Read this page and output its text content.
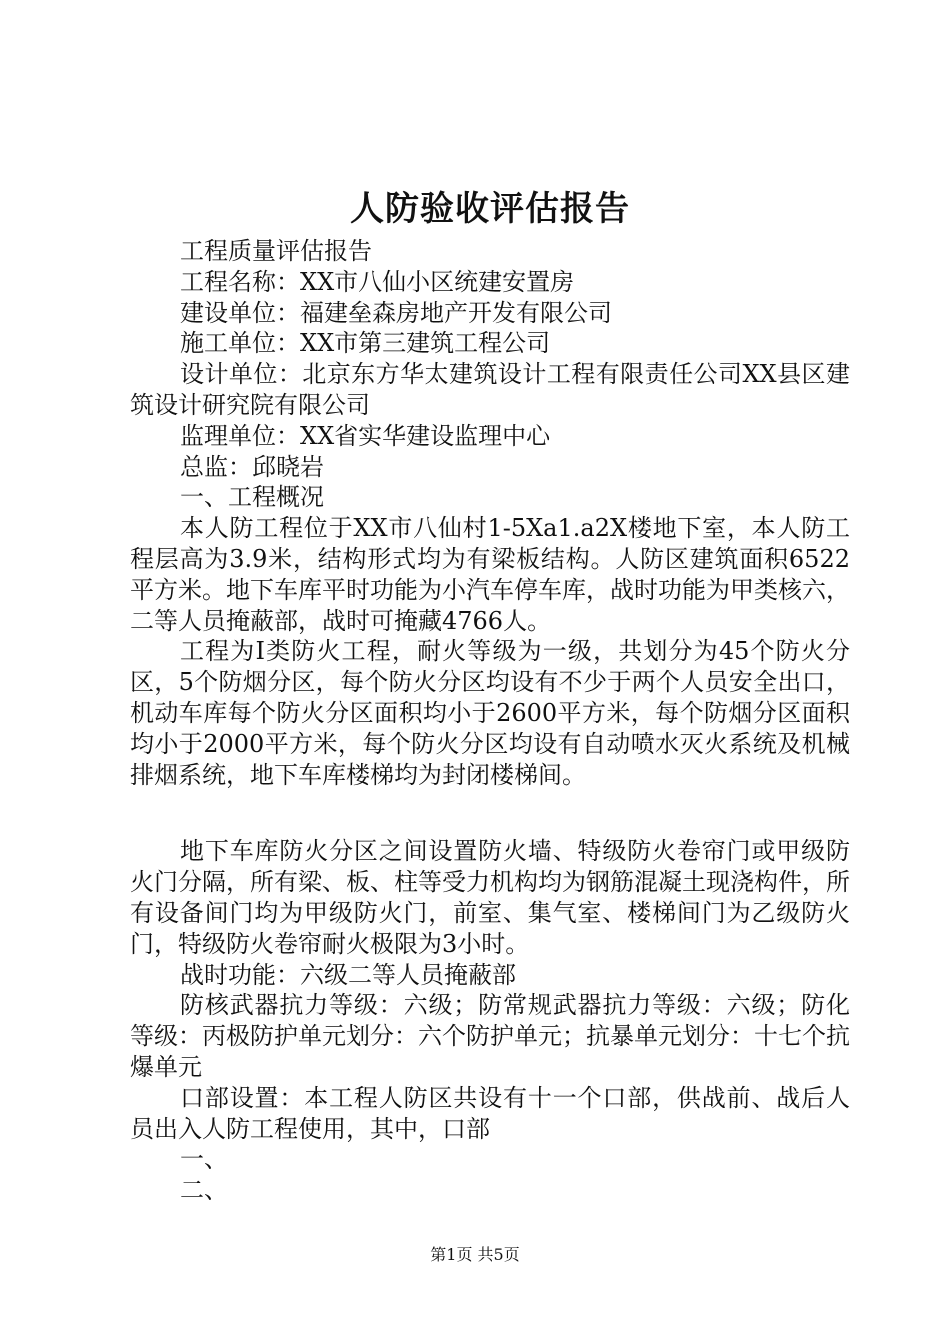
人防验收评估报告

工程质量评估报告

工程名称：XX市八仙小区统建安置房

建设单位：福建垒森房地产开发有限公司

施工单位：XX市第三建筑工程公司

设计单位：北京东方华太建筑设计工程有限责任公司XX县区建筑设计研究院有限公司

监理单位：XX省实华建设监理中心

总监：邱晓岩

一、工程概况

本人防工程位于XX市八仙村1-5Xa1.a2X楼地下室，本人防工程层高为3.9米，结构形式均为有梁板结构。人防区建筑面积6522平方米。地下车库平时功能为小汽车停车库，战时功能为甲类核六，二等人员掩蔽部，战时可掩藏4766人。

工程为Ⅰ类防火工程，耐火等级为一级，共划分为45个防火分区，5个防烟分区，每个防火分区均设有不少于两个人员安全出口，机动车库每个防火分区面积均小于2600平方米，每个防烟分区面积均小于2000平方米，每个防火分区均设有自动喷水灭火系统及机械排烟系统，地下车库楼梯均为封闭楼梯间。

地下车库防火分区之间设置防火墙、特级防火卷帘门或甲级防火门分隔，所有梁、板、柱等受力机构均为钢筋混凝土现浇构件，所有设备间门均为甲级防火门，前室、集气室、楼梯间门为乙级防火门，特级防火卷帘耐火极限为3小时。

战时功能：六级二等人员掩蔽部

防核武器抗力等级：六级；防常规武器抗力等级：六级；防化等级：丙极防护单元划分：六个防护单元；抗暴单元划分：十七个抗爆单元

口部设置：本工程人防区共设有十一个口部，供战前、战后人员出入人防工程使用，其中，口部

一、

二、

第1页 共5页
